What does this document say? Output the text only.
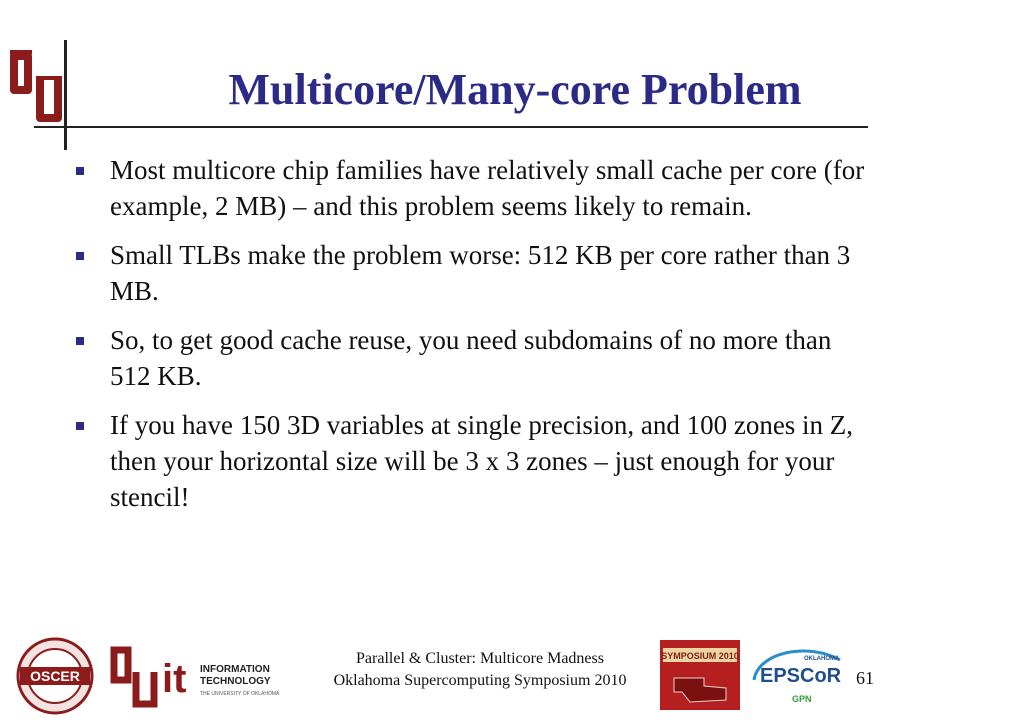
Multicore/Many-core Problem
Most multicore chip families have relatively small cache per core (for example, 2 MB) – and this problem seems likely to remain.
Small TLBs make the problem worse: 512 KB per core rather than 3 MB.
So, to get good cache reuse, you need subdomains of no more than 512 KB.
If you have 150 3D variables at single precision, and 100 zones in Z, then your horizontal size will be 3 x 3 zones – just enough for your stencil!
OSCER it INFORMATION
TECHNOLOGY
THE UNIVERSITY OF OKLAHOMA
Parallel & Cluster: Multicore Madness
Oklahoma Supercomputing Symposium 2010
SYMPOSIUM 2010	OKLAHOMA
EPSCoR
GPN
61
